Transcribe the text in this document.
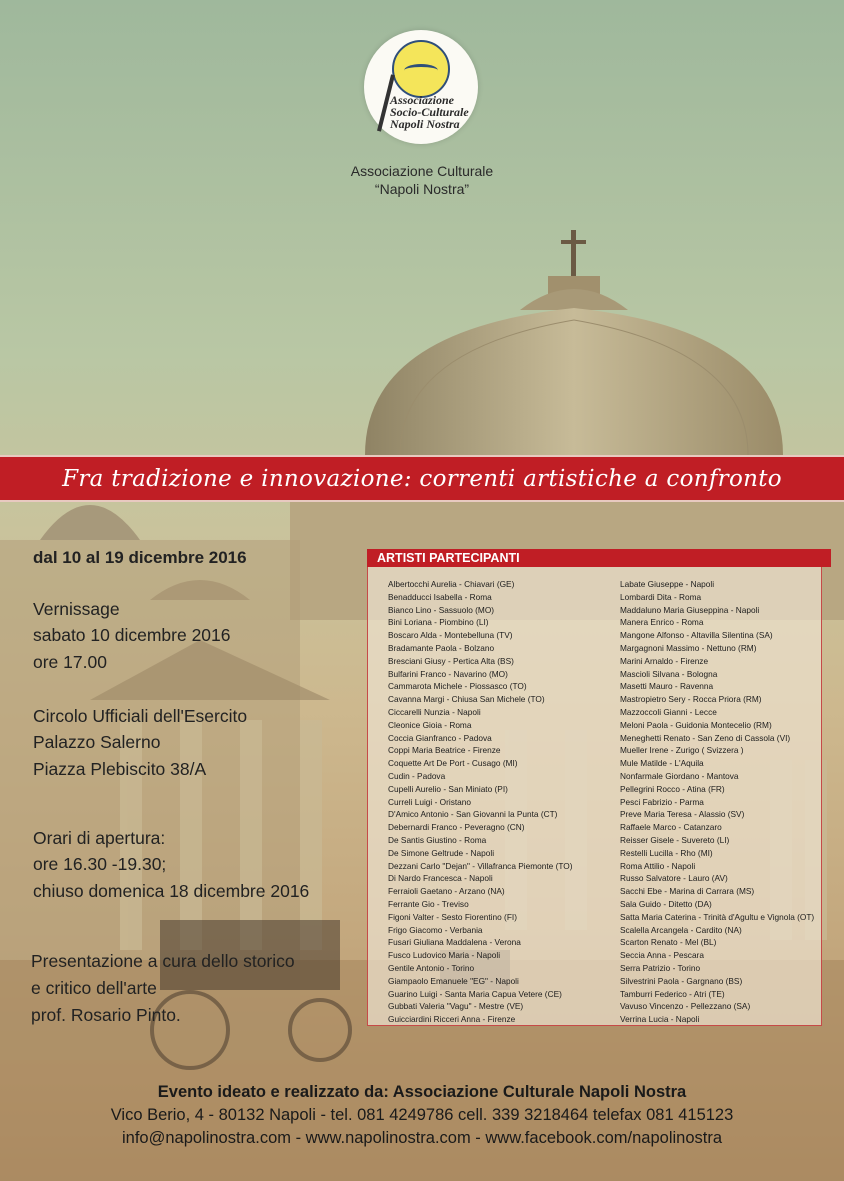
Associazione
Socio-Culturale
Napoli Nostra
Associazione Culturale
“Napoli Nostra”
Fra tradizione e innovazione: correnti artistiche a confronto
dal 10 al 19 dicembre 2016
Vernissage
sabato 10 dicembre 2016
ore 17.00
Circolo Ufficiali dell'Esercito
Palazzo Salerno
Piazza Plebiscito 38/A
Orari di apertura:
ore 16.30 -19.30;
chiuso domenica 18 dicembre 2016
Presentazione a cura dello storico
e critico dell'arte
prof. Rosario Pinto.
ARTISTI PARTECIPANTI
Albertocchi Aurelia - Chiavari (GE)
Benadducci Isabella - Roma
Bianco Lino - Sassuolo (MO)
Bini Loriana - Piombino (LI)
Boscaro Alda - Montebelluna (TV)
Bradamante Paola - Bolzano
Bresciani Giusy - Pertica Alta (BS)
Bulfarini Franco - Navarino (MO)
Cammarota Michele - Piossasco (TO)
Cavanna Margi - Chiusa San Michele (TO)
Ciccarelli Nunzia - Napoli
Cleonice Gioia - Roma
Coccia Gianfranco - Padova
Coppi Maria Beatrice - Firenze
Coquette Art De Port - Cusago (MI)
Cudin - Padova
Cupelli Aurelio - San Miniato (PI)
Curreli Luigi - Oristano
D'Amico Antonio - San Giovanni la Punta (CT)
Debernardi Franco - Peveragno (CN)
De Santis Giustino - Roma
De Simone Geltrude - Napoli
Dezzani Carlo "Dejan" - Villafranca Piemonte (TO)
Di Nardo Francesca - Napoli
Ferraioli Gaetano - Arzano (NA)
Ferrante Gio - Treviso
Figoni Valter - Sesto Fiorentino (FI)
Frigo Giacomo - Verbania
Fusari Giuliana Maddalena - Verona
Fusco Ludovico Maria - Napoli
Gentile Antonio - Torino
Giampaolo Emanuele "EG" - Napoli
Guarino Luigi - Santa Maria Capua Vetere (CE)
Gubbati Valeria "Vagu" - Mestre (VE)
Guicciardini Ricceri Anna - Firenze
Labate Giuseppe - Napoli
Lombardi Dita - Roma
Maddaluno Maria Giuseppina - Napoli
Manera Enrico - Roma
Mangone Alfonso - Altavilla Silentina (SA)
Margagnoni Massimo - Nettuno (RM)
Marini Arnaldo - Firenze
Mascioli Silvana - Bologna
Masetti Mauro - Ravenna
Mastropietro Sery - Rocca Priora (RM)
Mazzoccoli Gianni - Lecce
Meloni Paola - Guidonia Montecelio (RM)
Meneghetti Renato - San Zeno di Cassola (VI)
Mueller Irene - Zurigo ( Svizzera )
Mule Matilde - L'Aquila
Nonfarmale Giordano - Mantova
Pellegrini Rocco - Atina (FR)
Pesci Fabrizio - Parma
Preve Maria Teresa - Alassio (SV)
Raffaele Marco - Catanzaro
Reisser Gisele - Suvereto (LI)
Restelli Lucilla - Rho (MI)
Roma Attilio - Napoli
Russo Salvatore - Lauro (AV)
Sacchi Ebe - Marina di Carrara (MS)
Sala Guido - Ditetto (DA)
Satta Maria Caterina - Trinità d'Agultu e Vignola (OT)
Scalella Arcangela - Cardito (NA)
Scarton Renato - Mel (BL)
Seccia Anna - Pescara
Serra Patrizio - Torino
Silvestrini Paola - Gargnano (BS)
Tamburri Federico - Atri (TE)
Vavuso Vincenzo - Pellezzano (SA)
Verrina Lucia - Napoli
Evento ideato e realizzato da: Associazione Culturale Napoli Nostra
Vico Berio, 4 - 80132 Napoli - tel. 081 4249786 cell. 339 3218464 telefax 081 415123
info@napolinostra.com - www.napolinostra.com - www.facebook.com/napolinostra
